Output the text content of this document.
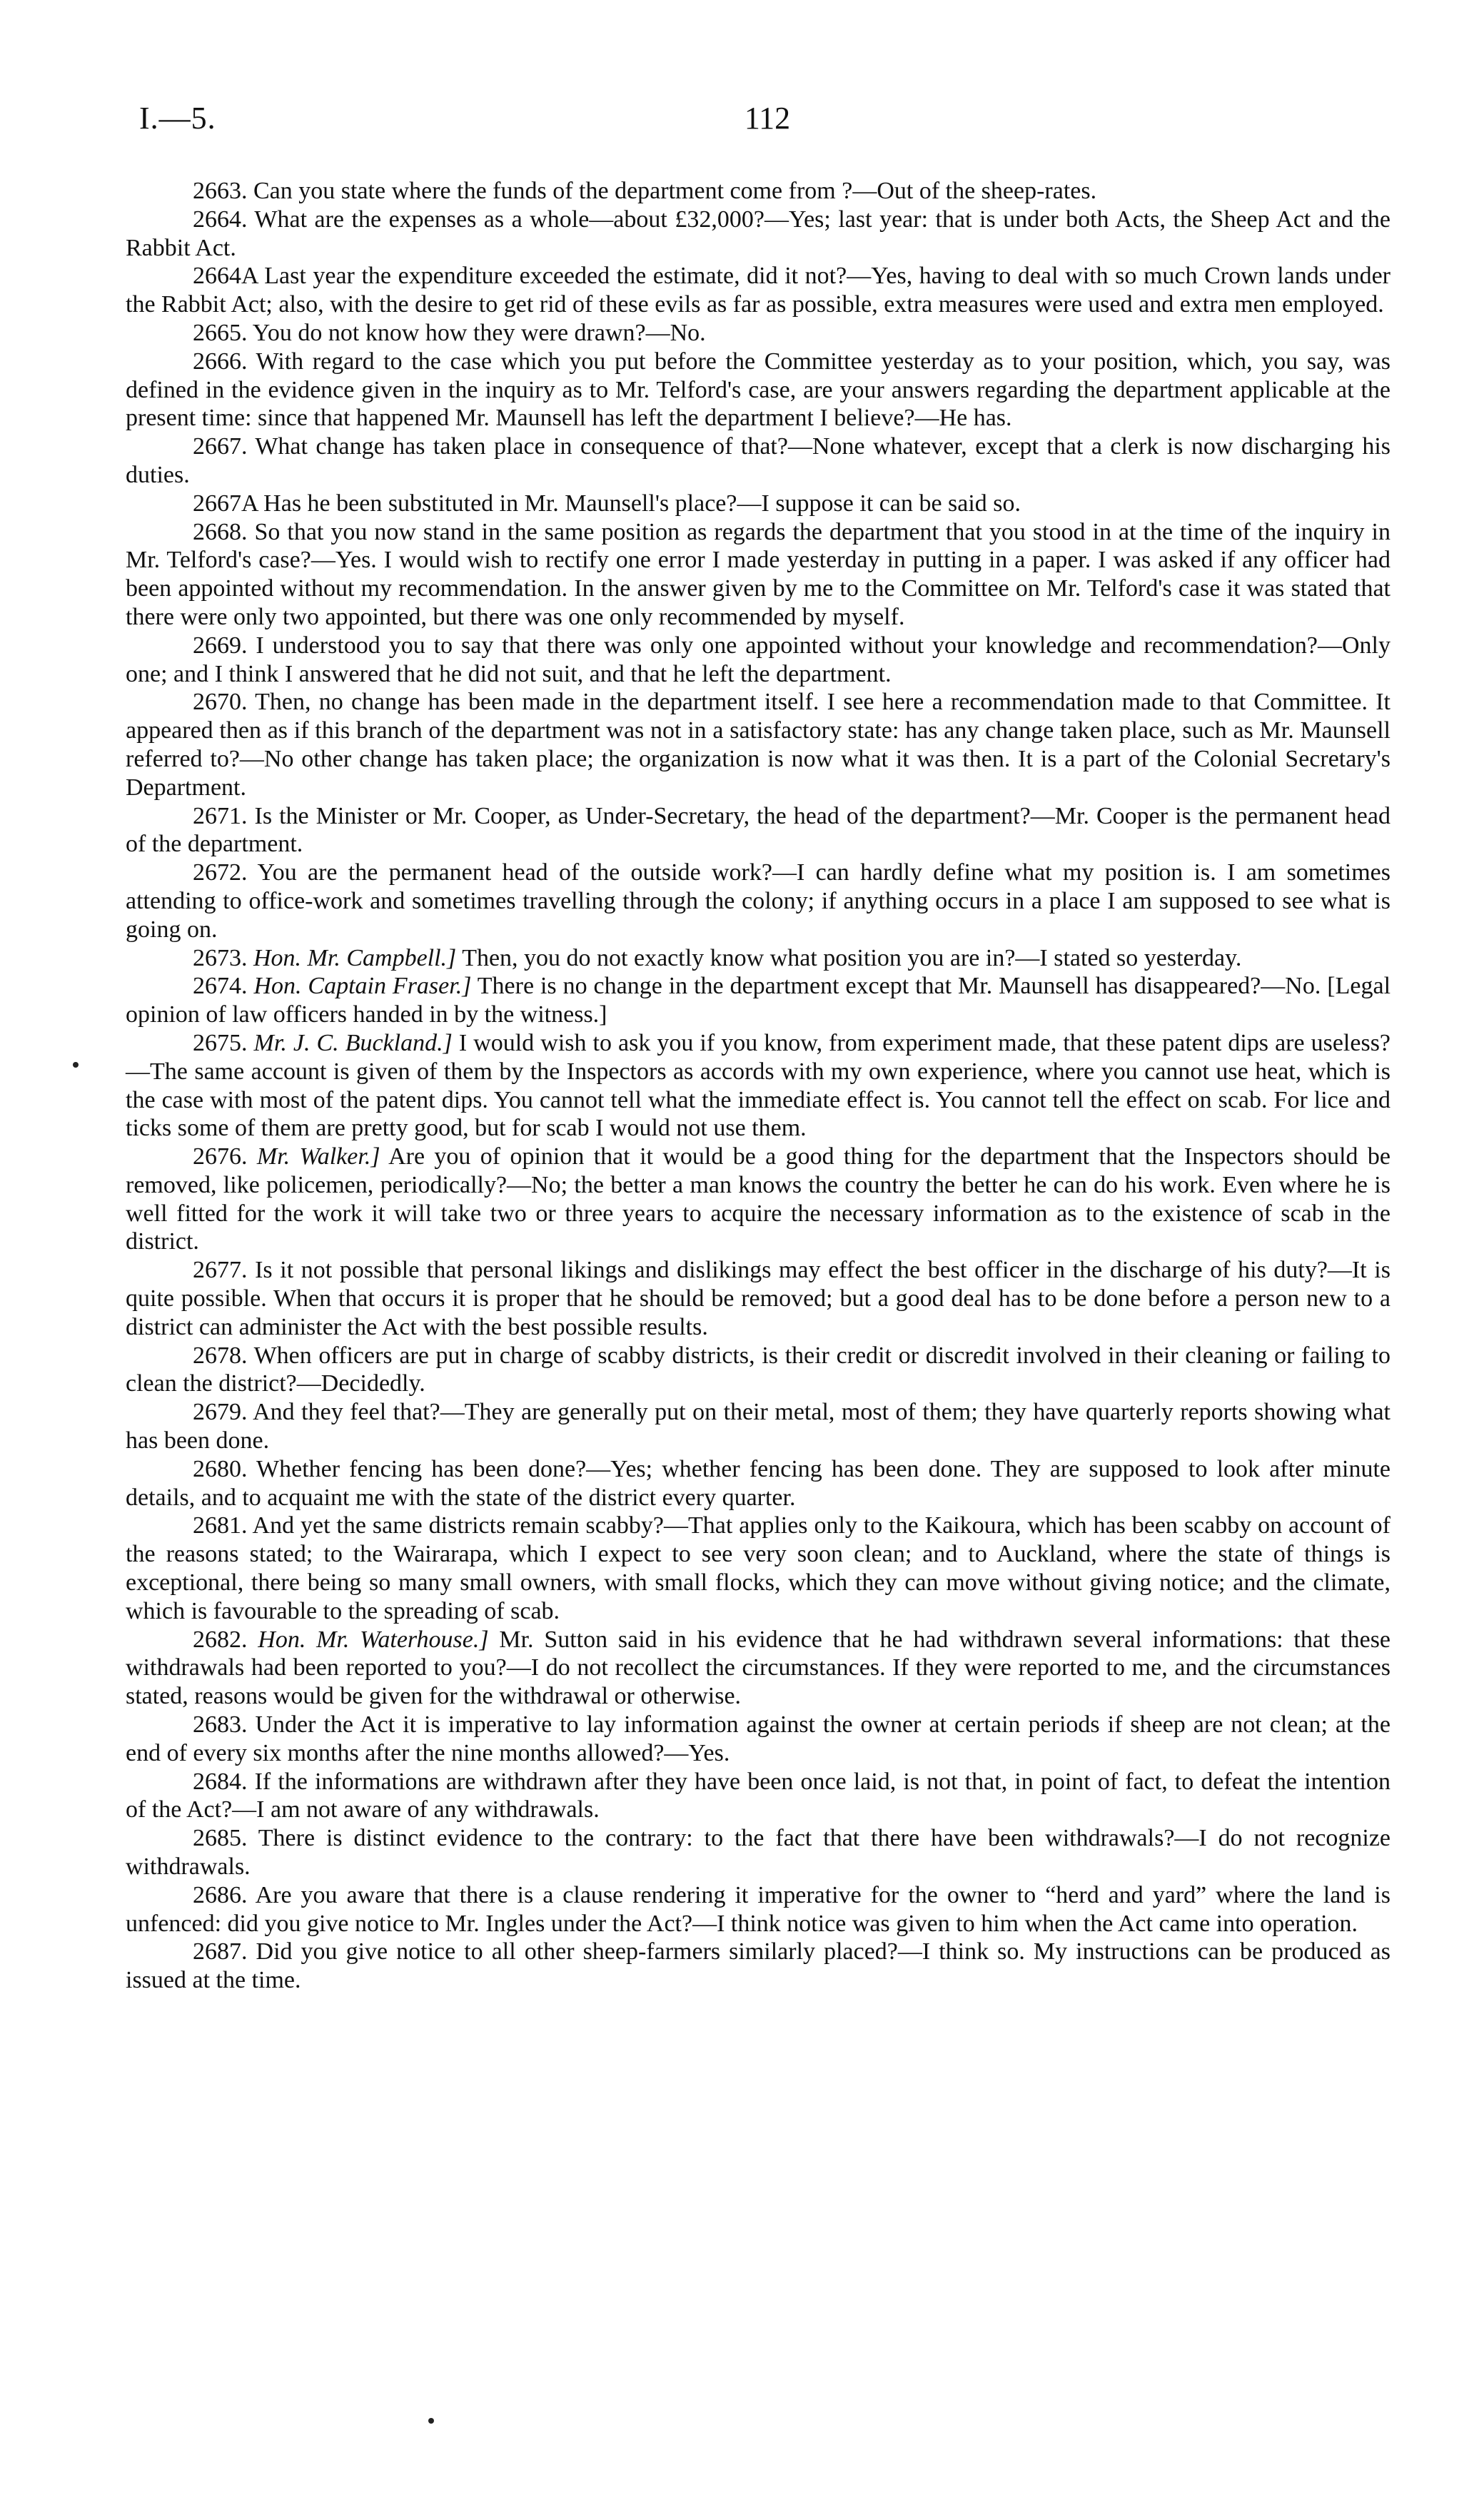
I.—5.	112

2663. Can you state where the funds of the department come from ?—Out of the sheep-rates.

2664. What are the expenses as a whole—about £32,000?—Yes; last year: that is under both Acts, the Sheep Act and the Rabbit Act.

2664A Last year the expenditure exceeded the estimate, did it not?—Yes, having to deal with so much Crown lands under the Rabbit Act; also, with the desire to get rid of these evils as far as possible, extra measures were used and extra men employed.

2665. You do not know how they were drawn?—No.

2666. With regard to the case which you put before the Committee yesterday as to your position, which, you say, was defined in the evidence given in the inquiry as to Mr. Telford's case, are your answers regarding the department applicable at the present time: since that happened Mr. Maunsell has left the department I believe?—He has.

2667. What change has taken place in consequence of that?—None whatever, except that a clerk is now discharging his duties.

2667A Has he been substituted in Mr. Maunsell's place?—I suppose it can be said so.

2668. So that you now stand in the same position as regards the department that you stood in at the time of the inquiry in Mr. Telford's case?—Yes. I would wish to rectify one error I made yesterday in putting in a paper. I was asked if any officer had been appointed without my recommendation. In the answer given by me to the Committee on Mr. Telford's case it was stated that there were only two appointed, but there was one only recommended by myself.

2669. I understood you to say that there was only one appointed without your knowledge and recommendation?—Only one; and I think I answered that he did not suit, and that he left the department.

2670. Then, no change has been made in the department itself. I see here a recommendation made to that Committee. It appeared then as if this branch of the department was not in a satisfactory state: has any change taken place, such as Mr. Maunsell referred to?—No other change has taken place; the organization is now what it was then. It is a part of the Colonial Secretary's Department.

2671. Is the Minister or Mr. Cooper, as Under-Secretary, the head of the department?—Mr. Cooper is the permanent head of the department.

2672. You are the permanent head of the outside work?—I can hardly define what my position is. I am sometimes attending to office-work and sometimes travelling through the colony; if anything occurs in a place I am supposed to see what is going on.

2673. Hon. Mr. Campbell.] Then, you do not exactly know what position you are in?—I stated so yesterday.

2674. Hon. Captain Fraser.] There is no change in the department except that Mr. Maunsell has disappeared?—No. [Legal opinion of law officers handed in by the witness.]

2675. Mr. J. C. Buckland.] I would wish to ask you if you know, from experiment made, that these patent dips are useless?—The same account is given of them by the Inspectors as accords with my own experience, where you cannot use heat, which is the case with most of the patent dips. You cannot tell what the immediate effect is. You cannot tell the effect on scab. For lice and ticks some of them are pretty good, but for scab I would not use them.

2676. Mr. Walker.] Are you of opinion that it would be a good thing for the department that the Inspectors should be removed, like policemen, periodically?—No; the better a man knows the country the better he can do his work. Even where he is well fitted for the work it will take two or three years to acquire the necessary information as to the existence of scab in the district.

2677. Is it not possible that personal likings and dislikings may effect the best officer in the discharge of his duty?—It is quite possible. When that occurs it is proper that he should be removed; but a good deal has to be done before a person new to a district can administer the Act with the best possible results.

2678. When officers are put in charge of scabby districts, is their credit or discredit involved in their cleaning or failing to clean the district?—Decidedly.

2679. And they feel that?—They are generally put on their metal, most of them; they have quarterly reports showing what has been done.

2680. Whether fencing has been done?—Yes; whether fencing has been done. They are supposed to look after minute details, and to acquaint me with the state of the district every quarter.

2681. And yet the same districts remain scabby?—That applies only to the Kaikoura, which has been scabby on account of the reasons stated; to the Wairarapa, which I expect to see very soon clean; and to Auckland, where the state of things is exceptional, there being so many small owners, with small flocks, which they can move without giving notice; and the climate, which is favourable to the spreading of scab.

2682. Hon. Mr. Waterhouse.] Mr. Sutton said in his evidence that he had withdrawn several informations: that these withdrawals had been reported to you?—I do not recollect the circumstances. If they were reported to me, and the circumstances stated, reasons would be given for the withdrawal or otherwise.

2683. Under the Act it is imperative to lay information against the owner at certain periods if sheep are not clean; at the end of every six months after the nine months allowed?—Yes.

2684. If the informations are withdrawn after they have been once laid, is not that, in point of fact, to defeat the intention of the Act?—I am not aware of any withdrawals.

2685. There is distinct evidence to the contrary: to the fact that there have been withdrawals?—I do not recognize withdrawals.

2686. Are you aware that there is a clause rendering it imperative for the owner to “herd and yard” where the land is unfenced: did you give notice to Mr. Ingles under the Act?—I think notice was given to him when the Act came into operation.

2687. Did you give notice to all other sheep-farmers similarly placed?—I think so. My instructions can be produced as issued at the time.
